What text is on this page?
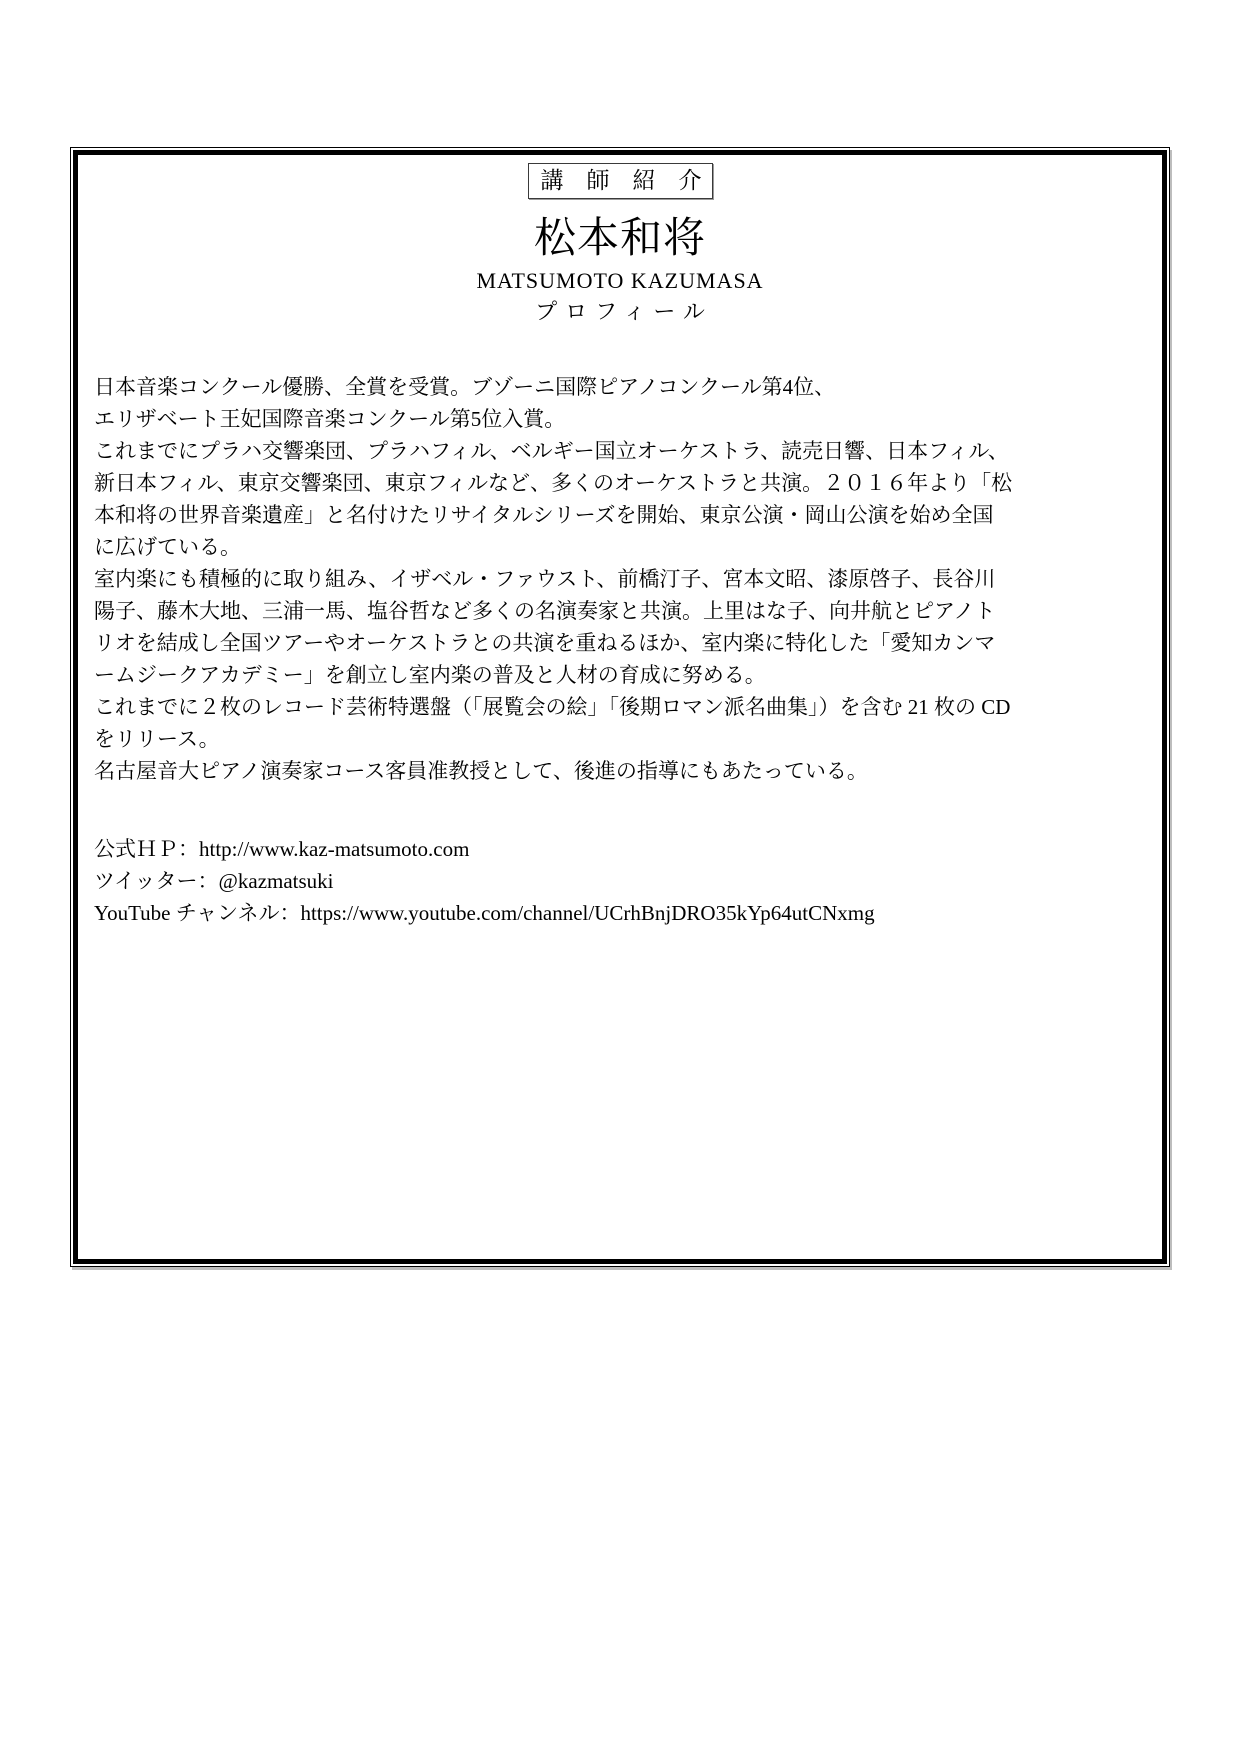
講　師　紹　介
松本和将
MATSUMOTO KAZUMASA
プロフィール
日本音楽コンクール優勝、全賞を受賞。ブゾーニ国際ピアノコンクール第4位、
エリザベート王妃国際音楽コンクール第5位入賞。
これまでにプラハ交響楽団、プラハフィル、ベルギー国立オーケストラ、読売日響、日本フィル、
新日本フィル、東京交響楽団、東京フィルなど、多くのオーケストラと共演。２０１６年より「松
本和将の世界音楽遺産」と名付けたリサイタルシリーズを開始、東京公演・岡山公演を始め全国
に広げている。
室内楽にも積極的に取り組み、イザベル・ファウスト、前橋汀子、宮本文昭、漆原啓子、長谷川
陽子、藤木大地、三浦一馬、塩谷哲など多くの名演奏家と共演。上里はな子、向井航とピアノト
リオを結成し全国ツアーやオーケストラとの共演を重ねるほか、室内楽に特化した「愛知カンマ
ームジークアカデミー」を創立し室内楽の普及と人材の育成に努める。
これまでに２枚のレコード芸術特選盤（「展覧会の絵」「後期ロマン派名曲集」）を含む 21 枚の CD
をリリース。
名古屋音大ピアノ演奏家コース客員准教授として、後進の指導にもあたっている。
公式ＨＰ：http://www.kaz-matsumoto.com
ツイッター：@kazmatsuki
YouTube チャンネル：https://www.youtube.com/channel/UCrhBnjDRO35kYp64utCNxmg
